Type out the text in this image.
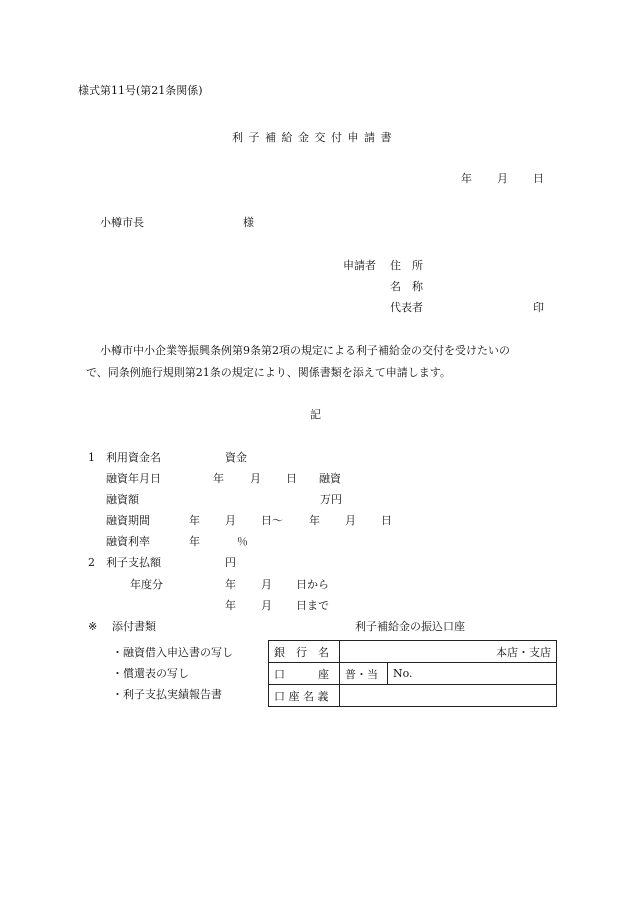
様式第11号(第21条関係)
利 子 補 給 金 交 付 申 請 書
年 月 日
小樽市長	様
申請者 住　所
名　称
代表者	印
小樽市中小企業等振興条例第9条第2項の規定による利子補給金の交付を受けたいの
で、同条例施行規則第21条の規定により、関係書類を添えて申請します。
記
1 利用資金名	資金
融資年月日	年 月 日 融資
融資額	万円
融資期間	年 月 日～ 年 月 日
融資利率	年	％
2 利子支払額	円
年度分	年 月 日から
年 月 日まで
※ 添付書類
・融資借入申込書の写し
・償還表の写し
・利子支払実績報告書
利子補給金の振込口座
銀　行　名	本店・支店	
口　　　座	普・当	No.
口 座 名 義		
